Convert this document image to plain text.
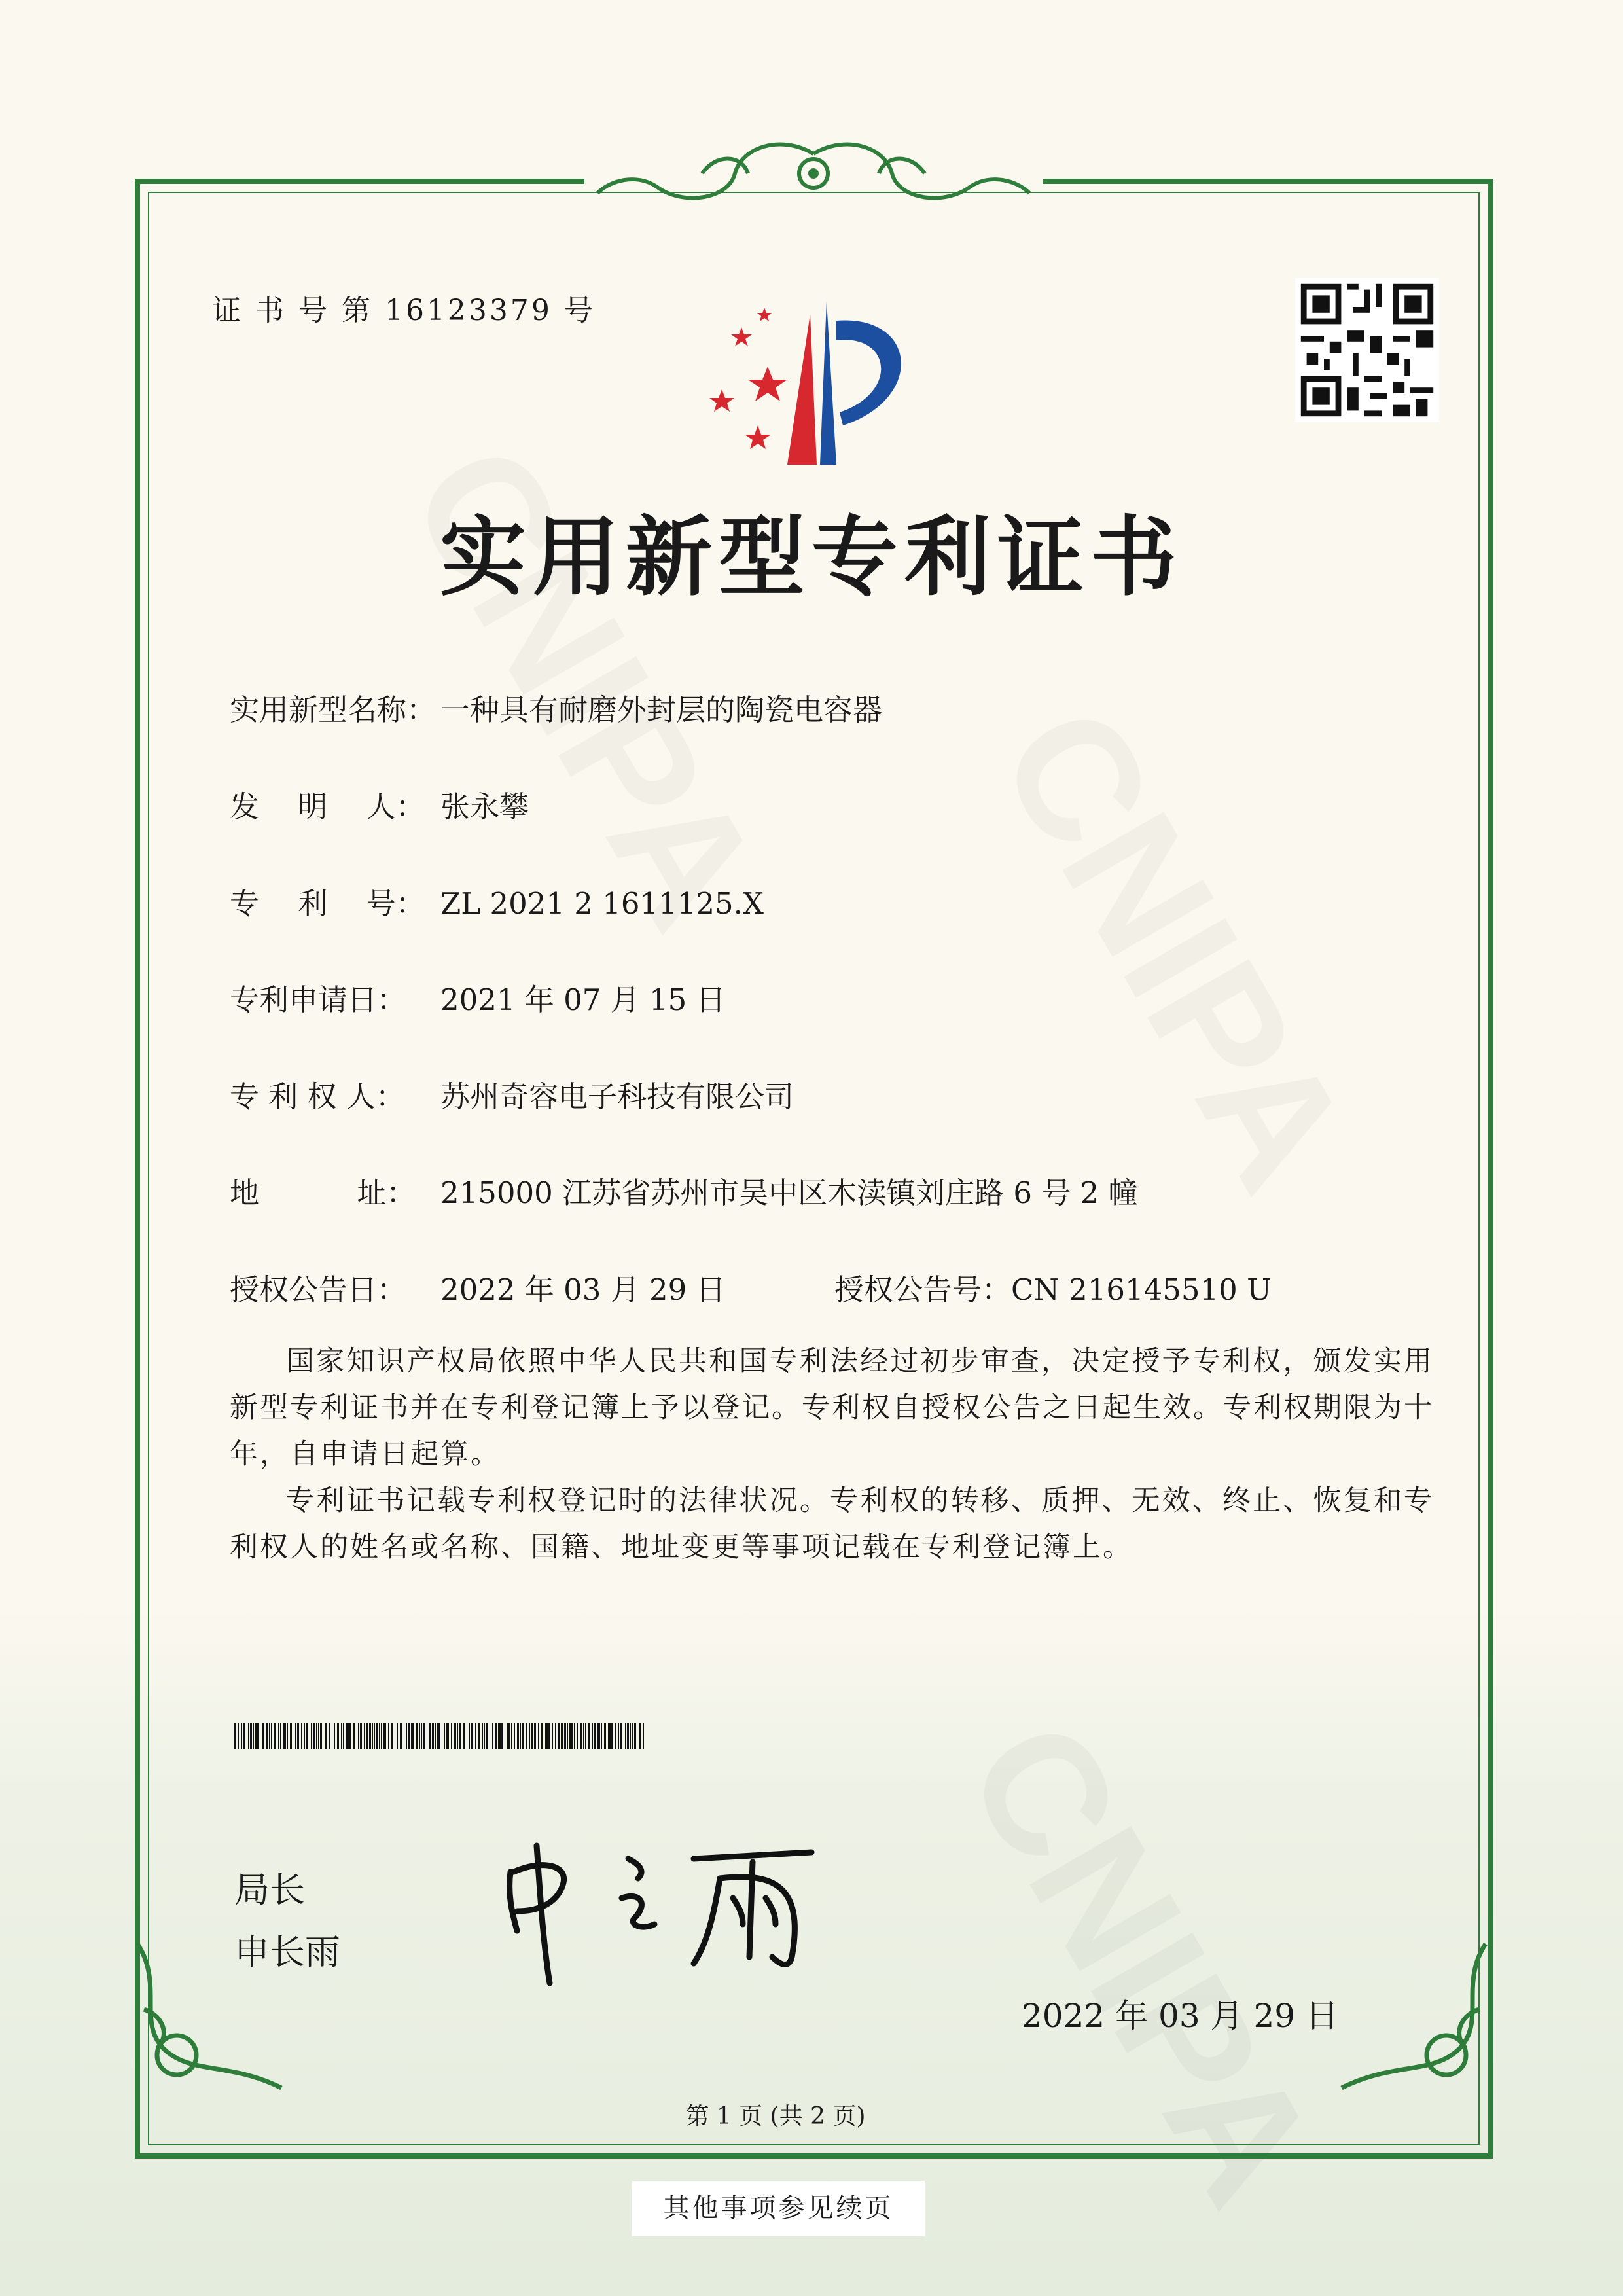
证 书 号 第 16123379 号
实用新型专利证书
实用新型名称： 一种具有耐磨外封层的陶瓷电容器
发　 明　 人： 张永攀
专　 利　 号： ZL 2021 2 1611125.X
专利申请日： 2021 年 07 月 15 日
专 利 权 人： 苏州奇容电子科技有限公司
地　　　 址： 215000 江苏省苏州市吴中区木渎镇刘庄路 6 号 2 幢
授权公告日： 2022 年 03 月 29 日	授权公告号：CN 216145510 U

国家知识产权局依照中华人民共和国专利法经过初步审查，决定授予专利权，颁发实用新型专利证书并在专利登记簿上予以登记。专利权自授权公告之日起生效。专利权期限为十年，自申请日起算。

专利证书记载专利权登记时的法律状况。专利权的转移、质押、无效、终止、恢复和专利权人的姓名或名称、国籍、地址变更等事项记载在专利登记簿上。

局长
申长雨
2022 年 03 月 29 日
第 1 页 (共 2 页)
其他事项参见续页
